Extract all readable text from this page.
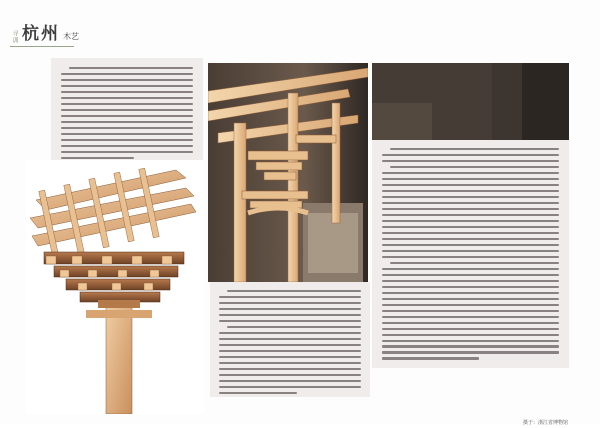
寻训 杭州 木艺
摄于：浙江省博物馆
